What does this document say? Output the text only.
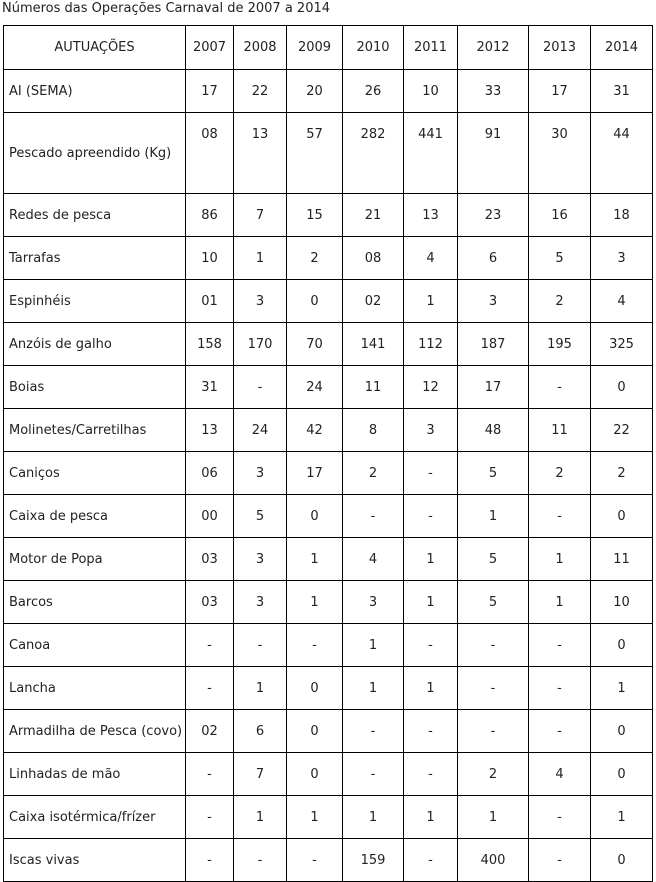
Números das Operações Carnaval de 2007 a 2014
AUTUAÇÕES	2007	2008	2009	2010	2011	2012	2013	2014
AI (SEMA)	17	22	20	26	10	33	17	31
Pescado apreendido (Kg)	08	13	57	282	441	91	30	44
Redes de pesca	86	7	15	21	13	23	16	18
Tarrafas	10	1	2	08	4	6	5	3
Espinhéis	01	3	0	02	1	3	2	4
Anzóis de galho	158	170	70	141	112	187	195	325
Boias	31	-	24	11	12	17	-	0
Molinetes/Carretilhas	13	24	42	8	3	48	11	22
Caniços	06	3	17	2	-	5	2	2
Caixa de pesca	00	5	0	-	-	1	-	0
Motor de Popa	03	3	1	4	1	5	1	11
Barcos	03	3	1	3	1	5	1	10
Canoa	-	-	-	1	-	-	-	0
Lancha	-	1	0	1	1	-	-	1
Armadilha de Pesca (covo)	02	6	0	-	-	-	-	0
Linhadas de mão	-	7	0	-	-	2	4	0
Caixa isotérmica/frízer	-	1	1	1	1	1	-	1
Iscas vivas	-	-	-	159	-	400	-	0
